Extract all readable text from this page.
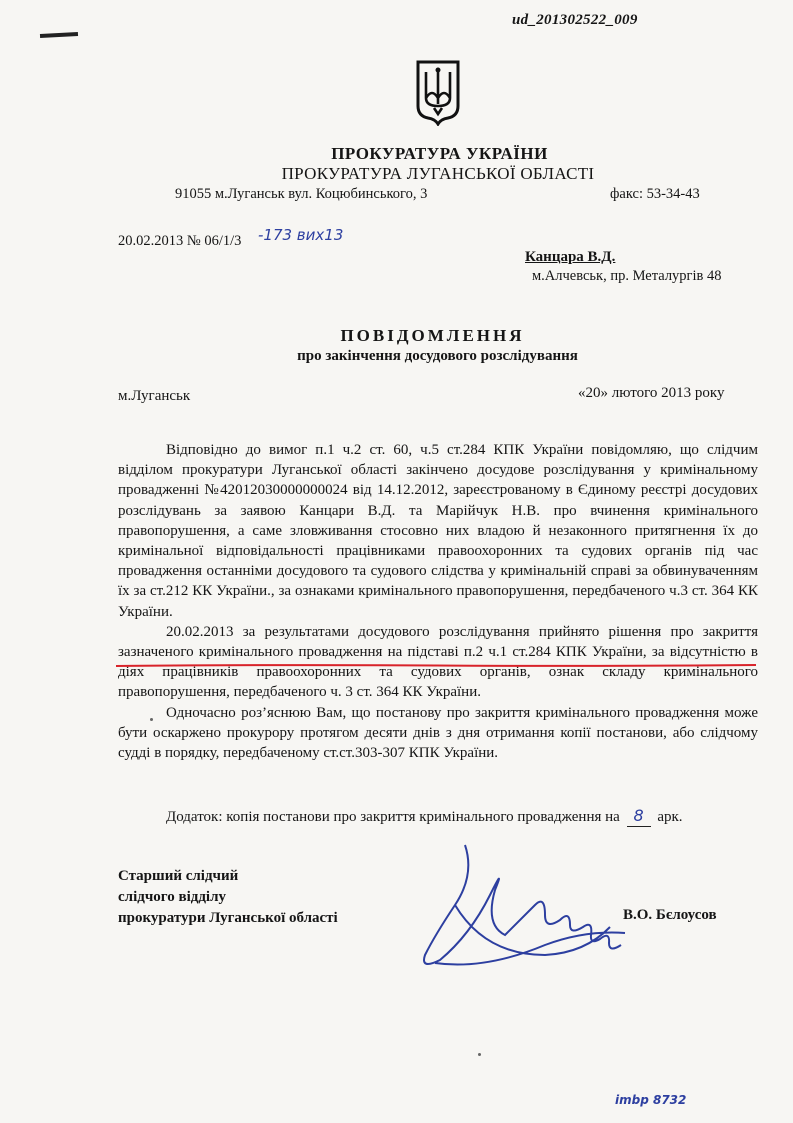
ud_201302522_009
ПРОКУРАТУРА УКРАЇНИ
ПРОКУРАТУРА ЛУГАНСЬКОЇ ОБЛАСТІ
91055 м.Луганськ вул. Коцюбинського, 3	факс: 53-34-43
20.02.2013 № 06/1/3 -173 вих13
Канцара В.Д.
м.Алчевськ, пр. Металургів 48
ПОВІДОМЛЕННЯ
про закінчення досудового розслідування
м.Луганськ	«20» лютого 2013 року

Відповідно до вимог п.1 ч.2 ст. 60, ч.5 ст.284 КПК України повідомляю, що слідчим відділом прокуратури Луганської області закінчено досудове розслідування у кримінальному провадженні №42012030000000024 від 14.12.2012, зареєстрованому в Єдиному реєстрі досудових розслідувань за заявою Канцари В.Д. та Марійчук Н.В. про вчинення кримінального правопорушення, а саме зловживання стосовно них владою й незаконного притягнення їх до кримінальної відповідальності працівниками правоохоронних та судових органів під час провадження останніми досудового та судового слідства у кримінальній справі за обвинуваченням їх за ст.212 КК України., за ознаками кримінального правопорушення, передбаченого ч.3 ст. 364 КК України.

20.02.2013 за результатами досудового розслідування прийнято рішення про закриття зазначеного кримінального провадження на підставі п.2 ч.1 ст.284 КПК України, за відсутністю в діях працівників правоохоронних та судових органів, ознак складу кримінального правопорушення, передбаченого ч. 3 ст. 364 КК України.

Одночасно роз’яснюю Вам, що постанову про закриття кримінального провадження може бути оскаржено прокурору протягом десяти днів з дня отримання копії постанови, або слідчому судді в порядку, передбаченому ст.ст.303-307 КПК України.

Додаток: копія постанови про закриття кримінального провадження на 8 арк.
Старший слідчий
слідчого відділу
прокуратури Луганської області	В.О. Бєлоусов
imbp 8732
